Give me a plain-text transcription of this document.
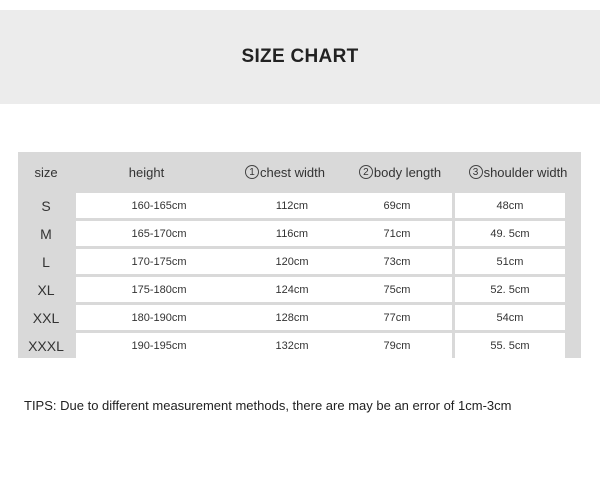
SIZE CHART
size	height	1 chest width	2 body length	3 shoulder width
S	160-165cm	112cm	69cm	48cm
M	165-170cm	116cm	71cm	49. 5cm
L	170-175cm	120cm	73cm	51cm
XL	175-180cm	124cm	75cm	52. 5cm
XXL	180-190cm	128cm	77cm	54cm
XXXL	190-195cm	132cm	79cm	55. 5cm
TIPS: Due to different measurement methods, there are may be an error of 1cm-3cm
